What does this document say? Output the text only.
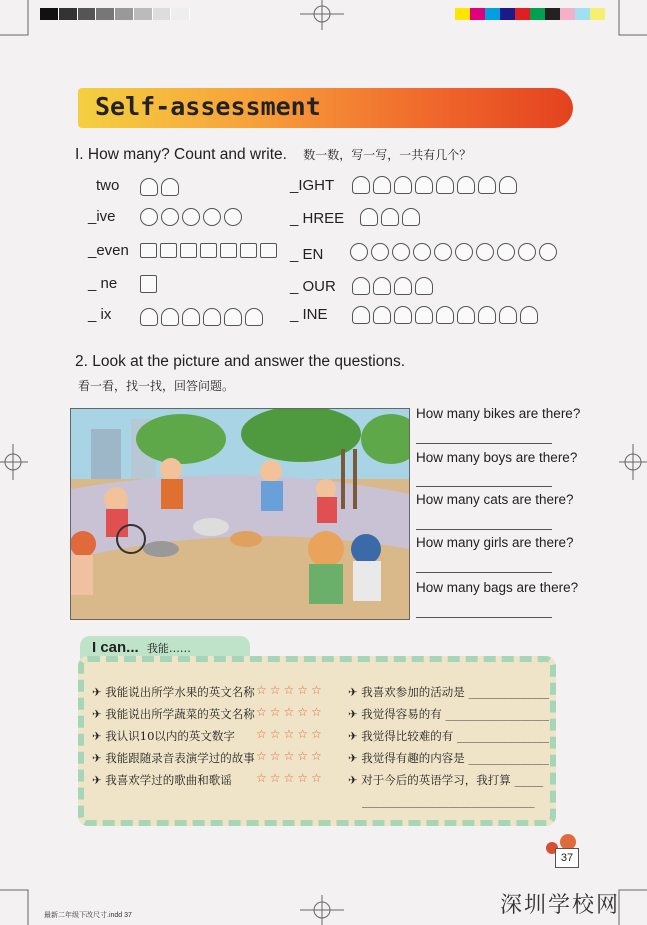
Self-assessment
I. How many? Count and write. 数一数，写一写，一共有几个？
two
_ive
_even
_ ne
_ ix
_IGHT
_ HREE
_ EN
_ OUR
_ INE
2. Look at the picture and answer the questions.
看一看，找一找，回答问题。
How many bikes are there?
How many boys are there?
How many cats are there?
How many girls are there?
How many bags are there?
I can... 我能……
✈ 我能说出所学水果的英文名称
✈ 我能说出所学蔬菜的英文名称
✈ 我认识10以内的英文数字
✈ 我能跟随录音表演学过的故事
✈ 我喜欢学过的歌曲和歌谣
☆☆☆☆☆
☆☆☆☆☆
☆☆☆☆☆
☆☆☆☆☆
☆☆☆☆☆
✈ 我喜欢参加的活动是 ______________
✈ 我觉得容易的有 __________________
✈ 我觉得比较难的有 ________________
✈ 我觉得有趣的内容是 ______________
✈ 对于今后的英语学习，我打算 _____
______________________________
37
最新二年级下改尺寸.indd 37	深圳学校网
